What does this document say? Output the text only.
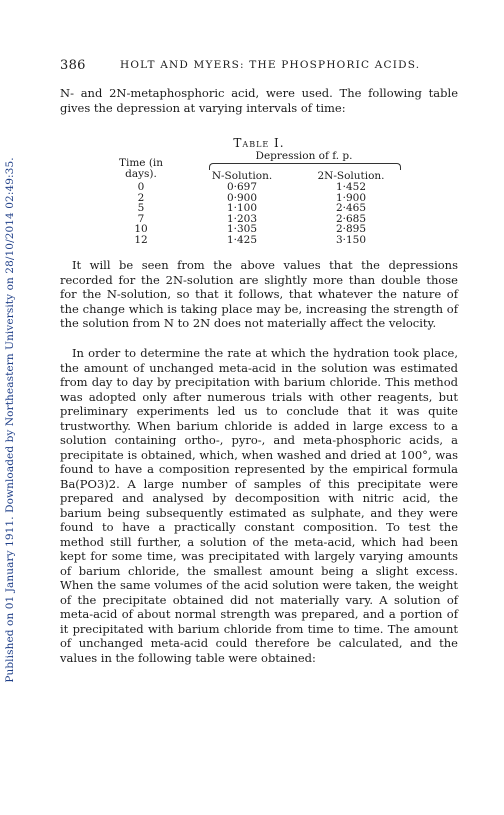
Published on 01 January 1911. Downloaded by Northeastern University on 28/10/2014 02:49:35.
386	HOLT AND MYERS: THE PHOSPHORIC ACIDS.
N- and 2N-metaphosphoric acid, were used. The following table gives the depression at varying intervals of time:
Table I.
Depression of f. p.
Time (in
days).	N-Solution.	2N-Solution.
0	0·697	1·452
2	0·900	1·900
5	1·100	2·465
7	1·203	2·685
10	1·305	2·895
12	1·425	3·150
It will be seen from the above values that the depressions recorded for the 2N-solution are slightly more than double those for the N-solution, so that it follows, that whatever the nature of the change which is taking place may be, increasing the strength of the solution from N to 2N does not materially affect the velocity.
In order to determine the rate at which the hydration took place, the amount of unchanged meta-acid in the solution was estimated from day to day by precipitation with barium chloride. This method was adopted only after numerous trials with other reagents, but preliminary experiments led us to conclude that it was quite trustworthy. When barium chloride is added in large excess to a solution containing ortho-, pyro-, and meta-phosphoric acids, a precipitate is obtained, which, when washed and dried at 100°, was found to have a composition represented by the empirical formula Ba(PO3)2. A large number of samples of this precipitate were prepared and analysed by decomposition with nitric acid, the barium being subsequently estimated as sulphate, and they were found to have a practically constant composition. To test the method still further, a solution of the meta-acid, which had been kept for some time, was precipitated with largely varying amounts of barium chloride, the smallest amount being a slight excess. When the same volumes of the acid solution were taken, the weight of the precipitate obtained did not materially vary. A solution of meta-acid of about normal strength was prepared, and a portion of it precipitated with barium chloride from time to time. The amount of unchanged meta-acid could therefore be calculated, and the values in the following table were obtained:
